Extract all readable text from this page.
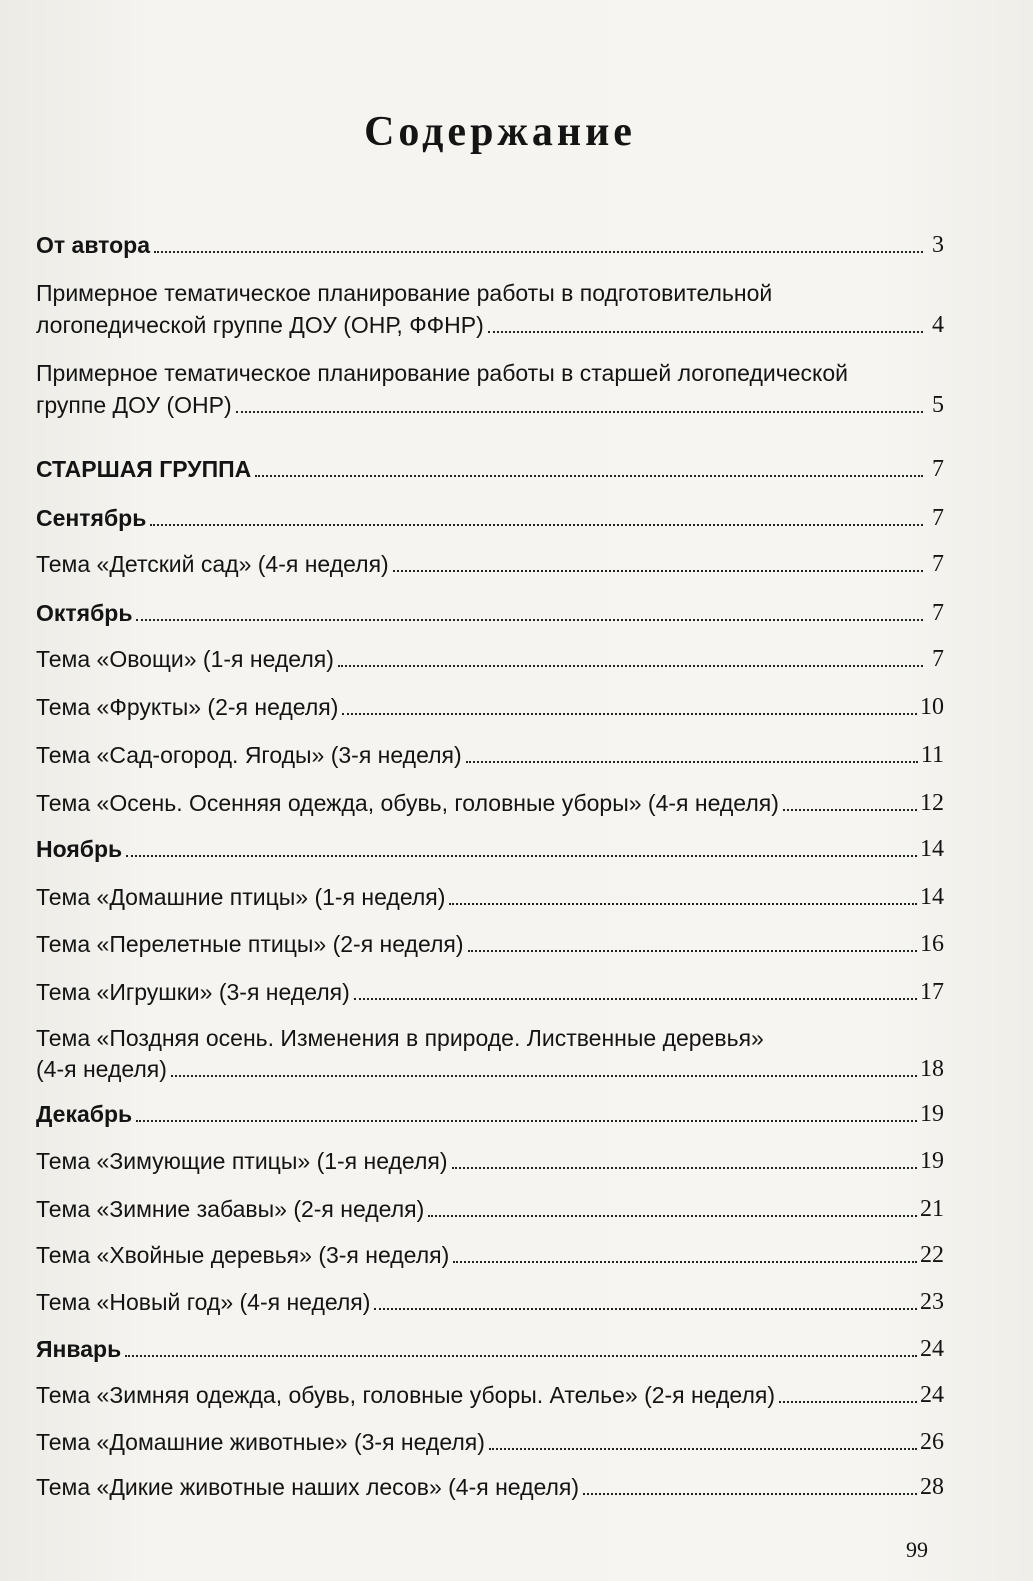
Содержание
От автора	3
Примерное тематическое планирование работы в подготовительной
логопедической группе ДОУ (ОНР, ФФНР)	4
Примерное тематическое планирование работы в старшей логопедической
группе ДОУ (ОНР)	5
СТАРШАЯ ГРУППА	7
Сентябрь	7
Тема «Детский сад» (4-я неделя)	7
Октябрь	7
Тема «Овощи» (1-я неделя)	7
Тема «Фрукты» (2-я неделя)	10
Тема «Сад-огород. Ягоды» (3-я неделя)	11
Тема «Осень. Осенняя одежда, обувь, головные уборы» (4-я неделя)	12
Ноябрь	14
Тема «Домашние птицы» (1-я неделя)	14
Тема «Перелетные птицы» (2-я неделя)	16
Тема «Игрушки» (3-я неделя)	17
Тема «Поздняя осень. Изменения в природе. Лиственные деревья»
(4-я неделя)	18
Декабрь	19
Тема «Зимующие птицы» (1-я неделя)	19
Тема «Зимние забавы» (2-я неделя)	21
Тема «Хвойные деревья» (3-я неделя)	22
Тема «Новый год» (4-я неделя)	23
Январь	24
Тема «Зимняя одежда, обувь, головные уборы. Ателье» (2-я неделя)	24
Тема «Домашние животные» (3-я неделя)	26
Тема «Дикие животные наших лесов» (4-я неделя)	28
99
